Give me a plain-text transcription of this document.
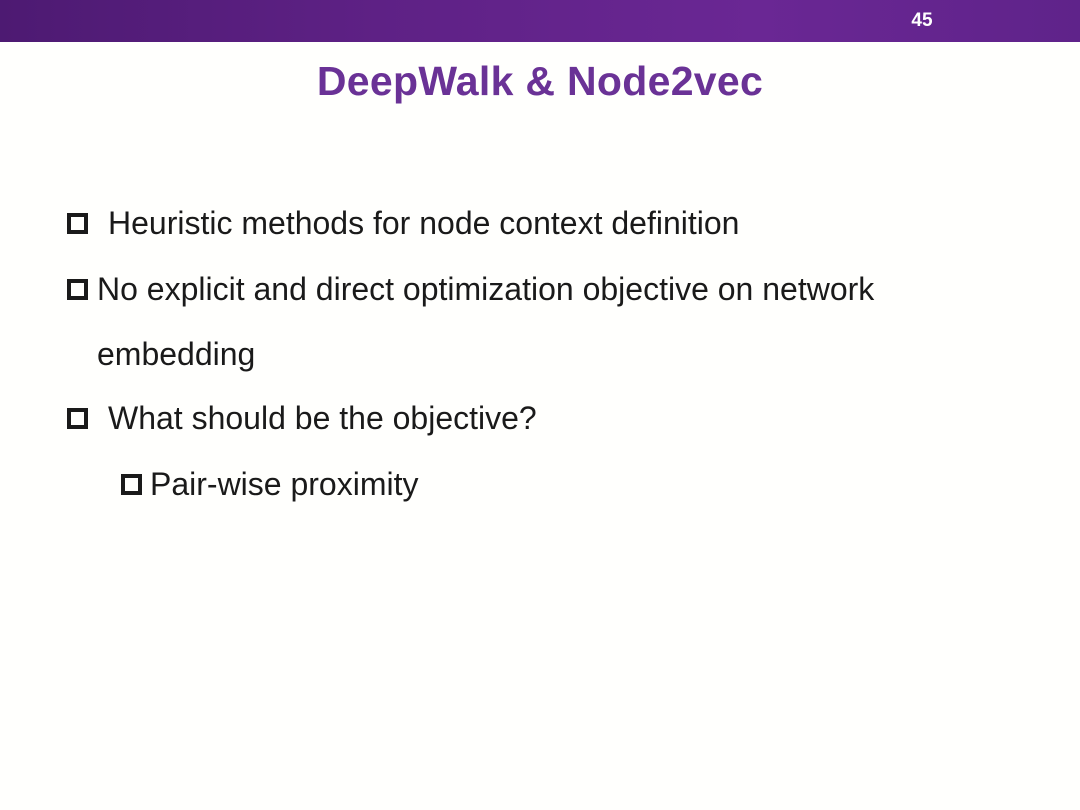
45
DeepWalk & Node2vec
Heuristic methods for node context definition
No explicit and direct optimization objective on network
embedding
What should be the objective?
Pair-wise proximity
